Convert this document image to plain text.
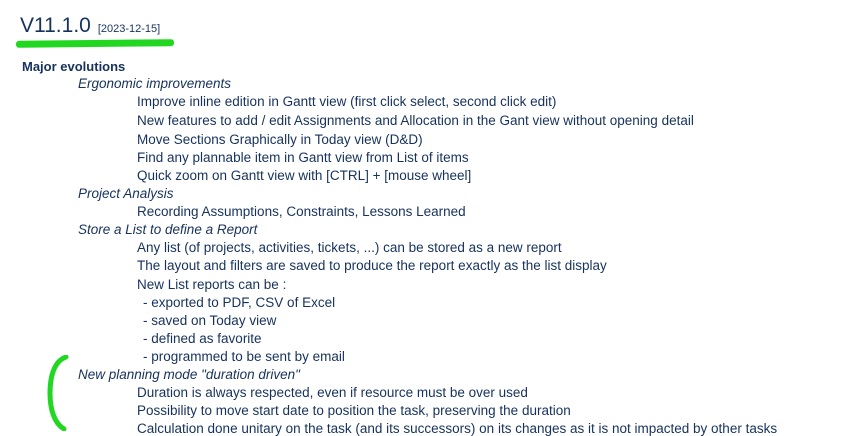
V11.1.0 [2023-12-15]
Major evolutions
Ergonomic improvements
Improve inline edition in Gantt view (first click select, second click edit)
New features to add / edit Assignments and Allocation in the Gant view without opening detail
Move Sections Graphically in Today view (D&D)
Find any plannable item in Gantt view from List of items
Quick zoom on Gantt view with [CTRL] + [mouse wheel]
Project Analysis
Recording Assumptions, Constraints, Lessons Learned
Store a List to define a Report
Any list (of projects, activities, tickets, ...) can be stored as a new report
The layout and filters are saved to produce the report exactly as the list display
New List reports can be :
- exported to PDF, CSV of Excel
- saved on Today view
- defined as favorite
- programmed to be sent by email
New planning mode "duration driven"
Duration is always respected, even if resource must be over used
Possibility to move start date to position the task, preserving the duration
Calculation done unitary on the task (and its successors) on its changes as it is not impacted by other tasks
